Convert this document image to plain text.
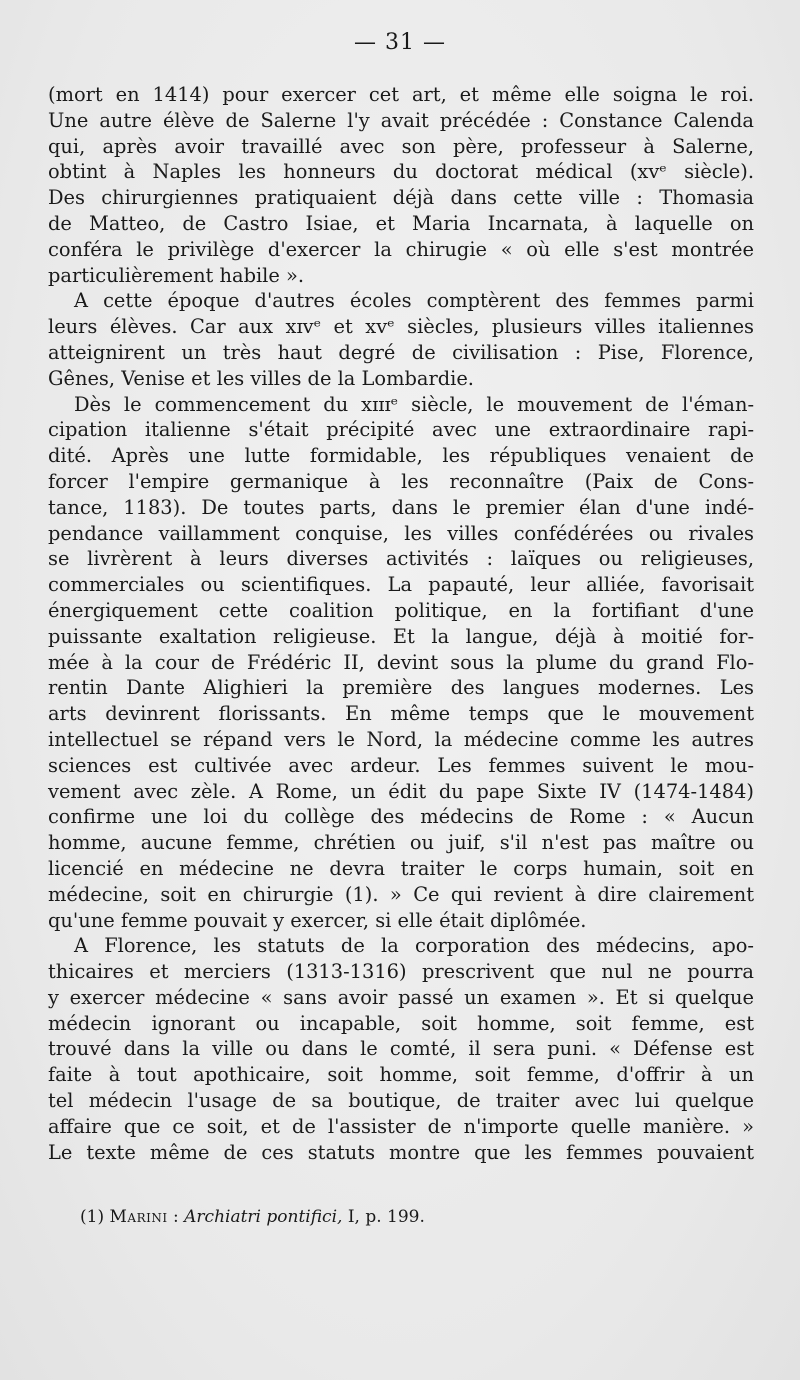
— 31 —
(mort en 1414) pour exercer cet art, et même elle soigna le roi.
Une autre élève de Salerne l'y avait précédée : Constance Calenda
qui, après avoir travaillé avec son père, professeur à Salerne,
obtint à Naples les honneurs du doctorat médical (xvᵉ siècle).
Des chirurgiennes pratiquaient déjà dans cette ville : Thomasia
de Matteo, de Castro Isiae, et Maria Incarnata, à laquelle on
conféra le privilège d'exercer la chirugie « où elle s'est montrée
particulièrement habile ».
A cette époque d'autres écoles comptèrent des femmes parmi
leurs élèves. Car aux xɪvᵉ et xvᵉ siècles, plusieurs villes italiennes
atteignirent un très haut degré de civilisation : Pise, Florence,
Gênes, Venise et les villes de la Lombardie.
Dès le commencement du xɪɪɪᵉ siècle, le mouvement de l'éman-
cipation italienne s'était précipité avec une extraordinaire rapi-
dité. Après une lutte formidable, les républiques venaient de
forcer l'empire germanique à les reconnaître (Paix de Cons-
tance, 1183). De toutes parts, dans le premier élan d'une indé-
pendance vaillamment conquise, les villes confédérées ou rivales
se livrèrent à leurs diverses activités : laïques ou religieuses,
commerciales ou scientifiques. La papauté, leur alliée, favorisait
énergiquement cette coalition politique, en la fortifiant d'une
puissante exaltation religieuse. Et la langue, déjà à moitié for-
mée à la cour de Frédéric II, devint sous la plume du grand Flo-
rentin Dante Alighieri la première des langues modernes. Les
arts devinrent florissants. En même temps que le mouvement
intellectuel se répand vers le Nord, la médecine comme les autres
sciences est cultivée avec ardeur. Les femmes suivent le mou-
vement avec zèle. A Rome, un édit du pape Sixte IV (1474-1484)
confirme une loi du collège des médecins de Rome : « Aucun
homme, aucune femme, chrétien ou juif, s'il n'est pas maître ou
licencié en médecine ne devra traiter le corps humain, soit en
médecine, soit en chirurgie (1). » Ce qui revient à dire clairement
qu'une femme pouvait y exercer, si elle était diplômée.
A Florence, les statuts de la corporation des médecins, apo-
thicaires et merciers (1313-1316) prescrivent que nul ne pourra
y exercer médecine « sans avoir passé un examen ». Et si quelque
médecin ignorant ou incapable, soit homme, soit femme, est
trouvé dans la ville ou dans le comté, il sera puni. « Défense est
faite à tout apothicaire, soit homme, soit femme, d'offrir à un
tel médecin l'usage de sa boutique, de traiter avec lui quelque
affaire que ce soit, et de l'assister de n'importe quelle manière. »
Le texte même de ces statuts montre que les femmes pouvaient
(1) Marini : Archiatri pontifici, I, p. 199.
